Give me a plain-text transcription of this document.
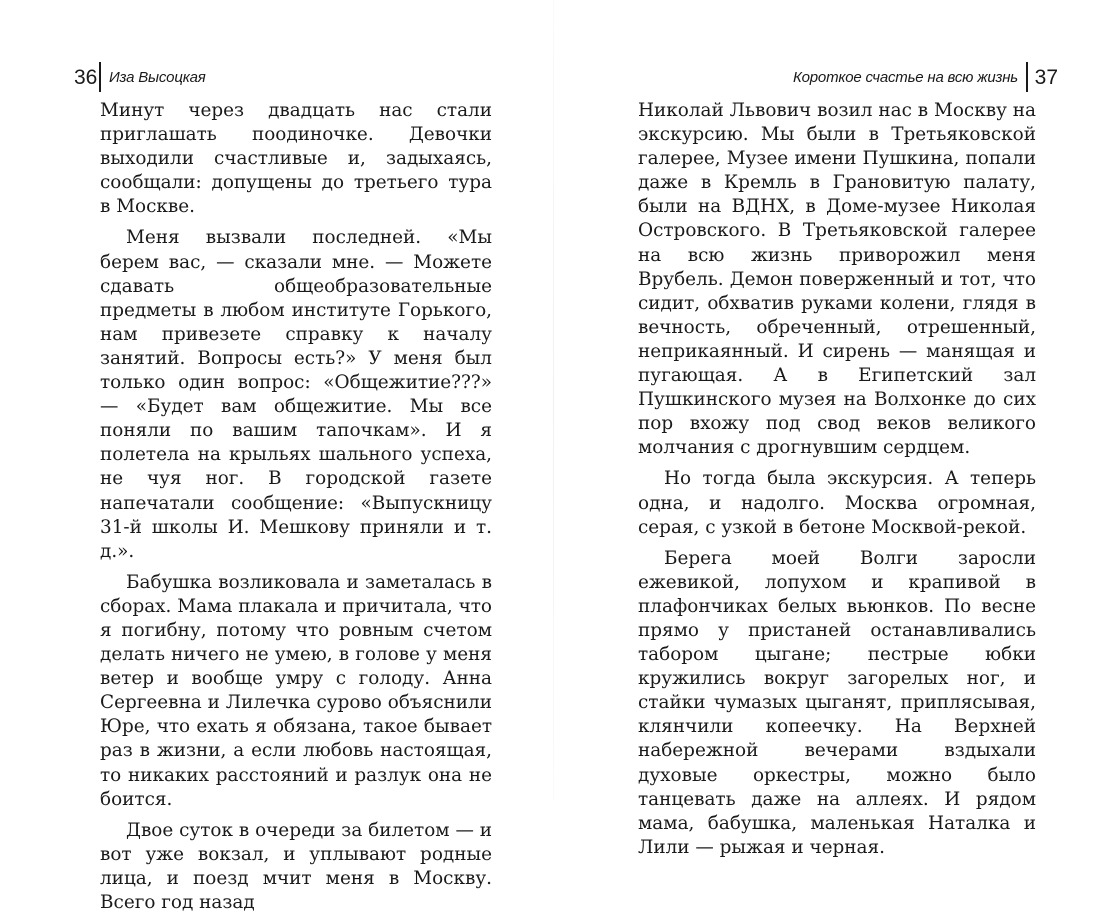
36 Иза Высоцкая

Минут через двадцать нас стали приглашать поодиночке. Девочки выходили счастливые и, задыхаясь, сообщали: допущены до третьего тура в Москве.

Меня вызвали последней. «Мы берем вас, — сказали мне. — Можете сдавать общеобразовательные предметы в любом институте Горького, нам привезете справку к началу занятий. Вопросы есть?» У меня был только один вопрос: «Общежитие???» — «Будет вам общежитие. Мы все поняли по вашим тапочкам». И я полетела на крыльях шального успеха, не чуя ног. В городской газете напечатали сообщение: «Выпускницу 31-й школы И. Мешкову приняли и т. д.».

Бабушка возликовала и заметалась в сборах. Мама плакала и причитала, что я погибну, потому что ровным счетом делать ничего не умею, в голове у меня ветер и вообще умру с голоду. Анна Сергеевна и Лилечка сурово объяснили Юре, что ехать я обязана, такое бывает раз в жизни, а если любовь настоящая, то никаких расстояний и разлук она не боится.

Двое суток в очереди за билетом — и вот уже вокзал, и уплывают родные лица, и поезд мчит меня в Москву. Всего год назад

Короткое счастье на всю жизнь 37

Николай Львович возил нас в Москву на экскурсию. Мы были в Третьяковской галерее, Музее имени Пушкина, попали даже в Кремль в Грановитую палату, были на ВДНХ, в Доме-музее Николая Островского. В Третьяковской галерее на всю жизнь приворожил меня Врубель. Демон поверженный и тот, что сидит, обхватив руками колени, глядя в вечность, обреченный, отрешенный, неприкаянный. И сирень — манящая и пугающая. А в Египетский зал Пушкинского музея на Волхонке до сих пор вхожу под свод веков великого молчания с дрогнувшим сердцем.

Но тогда была экскурсия. А теперь одна, и надолго. Москва огромная, серая, с узкой в бетоне Москвой-рекой.

Берега моей Волги заросли ежевикой, лопухом и крапивой в плафончиках белых вьюнков. По весне прямо у пристаней останавливались табором цыгане; пестрые юбки кружились вокруг загорелых ног, и стайки чумазых цыганят, приплясывая, клянчили копеечку. На Верхней набережной вечерами вздыхали духовые оркестры, можно было танцевать даже на аллеях. И рядом мама, бабушка, маленькая Наталка и Лили — рыжая и черная.
